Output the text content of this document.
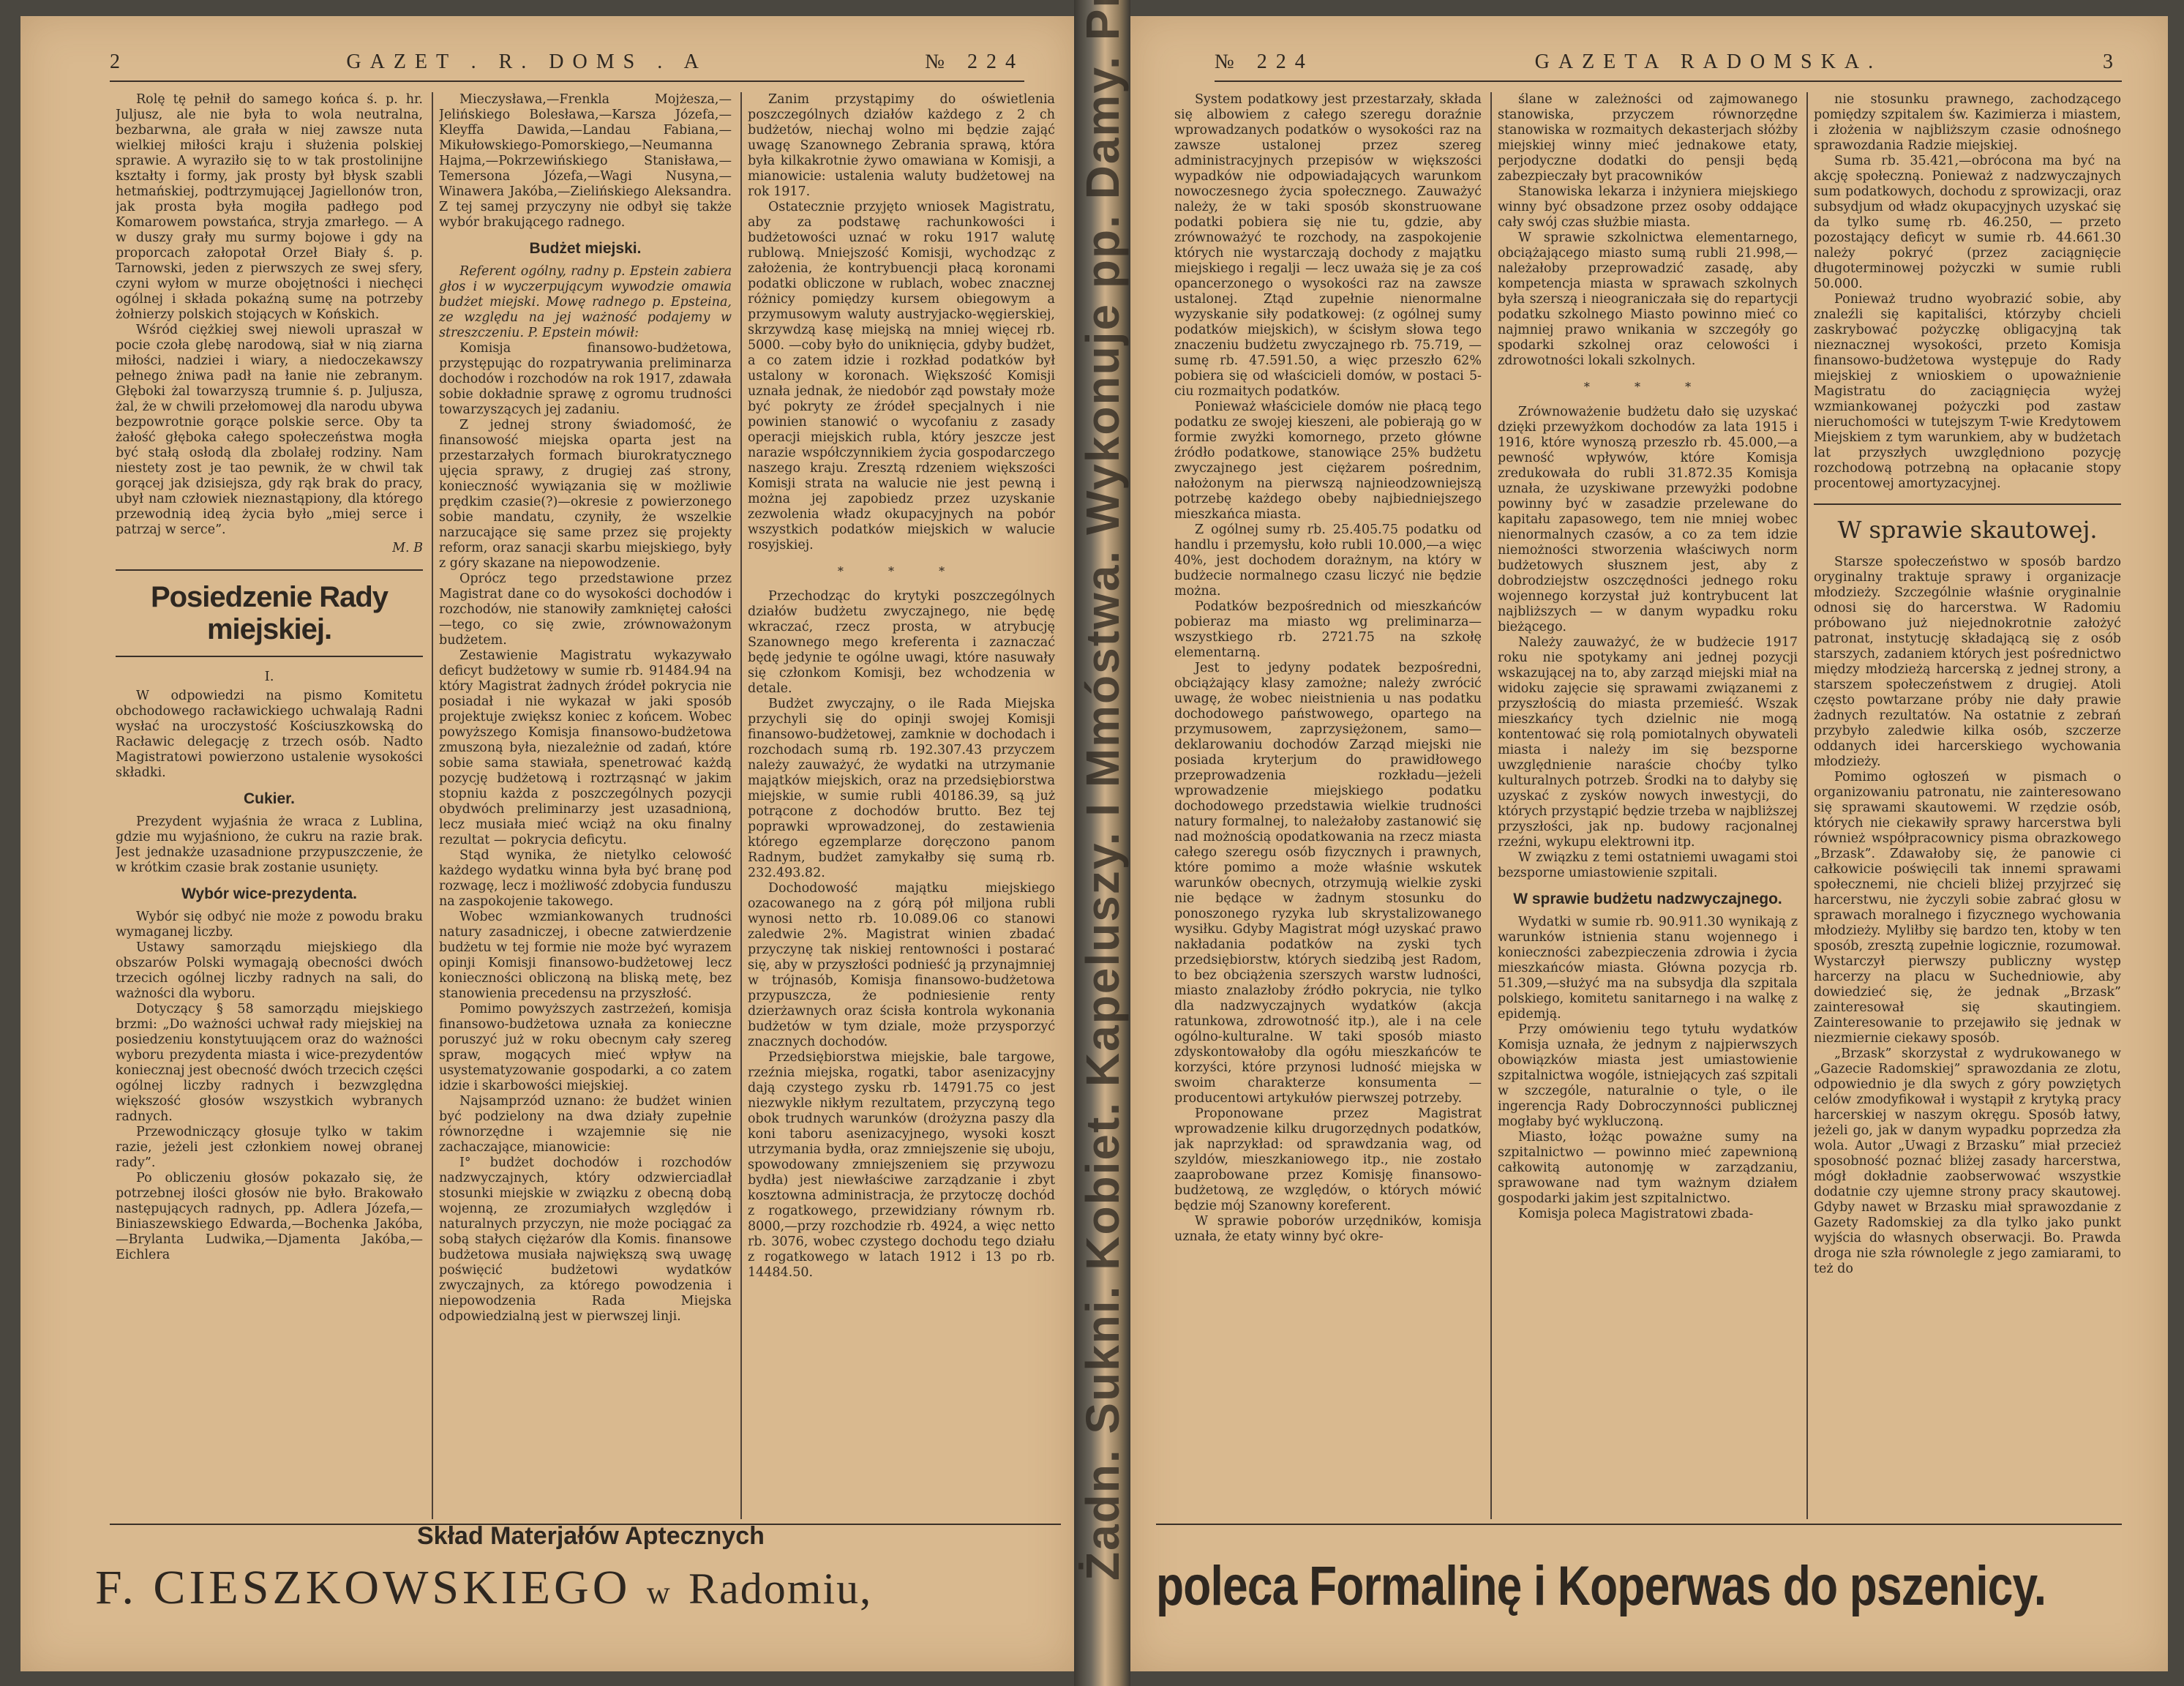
2	GAZET . R. DOMS . A	№ 224	№ 224	GAZETA RADOMSKA.	3

Rolę tę pełnił do samego końca ś. p. hr. Juljusz, ale nie była to wola neutralna, bezbarwna, ale grała w niej zawsze nuta wielkiej miłości kraju i służenia polskiej sprawie. A wyraziło się to w tak prostolinijne kształty i formy, jak prosty był błysk szabli hetmańskiej, podtrzymującej Jagiellonów tron, jak prosta była mogiła padłego pod Komarowem powstańca, stryja zmarłego. — A w duszy grały mu surmy bojowe i gdy na proporcach załopotał Orzeł Biały ś. p. Tarnowski, jeden z pierwszych ze swej sfery, czyni wyłom w murze obojętności i niechęci ogólnej i składa pokaźną sumę na potrzeby żołnierzy polskich stojących w Końskich.

Wśród ciężkiej swej niewoli upraszał w pocie czoła glebę narodową, siał w nią ziarna miłości, nadziei i wiary, a niedoczekawszy pełnego żniwa padł na łanie nie zebranym. Głęboki żal towarzyszą trumnie ś. p. Juljusza, żal, że w chwili przełomowej dla narodu ubywa bezpowrotnie gorące polskie serce. Oby ta żałość głęboka całego społeczeństwa mogła być stałą osłodą dla zbolałej rodziny. Nam niestety zost je tao pewnik, że w chwil tak gorącej jak dzisiejsza, gdy rąk brak do pracy, ubył nam człowiek nieznastąpiony, dla którego przewodnią ideą życia było „miej serce i patrzaj w serce”.

M. B
Posiedzenie Rady miejskiej.
I.

W odpowiedzi na pismo Komitetu obchodowego racławickiego uchwalają Radni wysłać na uroczystość Kościuszkowską do Racławic delegację z trzech osób. Nadto Magistratowi powierzono ustalenie wysokości składki.

Cukier.

Prezydent wyjaśnia że wraca z Lublina, gdzie mu wyjaśniono, że cukru na razie brak. Jest jednakże uzasadnione przypuszczenie, że w krótkim czasie brak zostanie usunięty.

Wybór wice-prezydenta.

Wybór się odbyć nie może z powodu braku wymaganej liczby.

Ustawy samorządu miejskiego dla obszarów Polski wymagają obecności dwóch trzecich ogólnej liczby radnych na sali, do ważności dla wyboru.

Dotyczący § 58 samorządu miejskiego brzmi: „Do ważności uchwał rady miejskiej na posiedzeniu konstytuującem oraz do ważności wyboru prezydenta miasta i wice-prezydentów koniecznaj jest obecność dwóch trzecich części ogólnej liczby radnych i bezwzględna większość głosów wszystkich wybranych radnych.

Przewodniczący głosuje tylko w takim razie, jeżeli jest członkiem nowej obranej rady”.

Po obliczeniu głosów pokazało się, że potrzebnej ilości głosów nie było. Brakowało następujących radnych, pp. Adlera Józefa,—Biniaszewskiego Edwarda,—Bochenka Jakóba,—Brylanta Ludwika,—Djamenta Jakóba,—Eichlera

Mieczysława,—Frenkla Mojżesza,—Jelińskiego Bolesława,—Karsza Józefa,—Kleyffa Dawida,—Landau Fabiana,—Mikułowskiego-Pomorskiego,—Neumanna Hajma,—Pokrzewińskiego Stanisława,—Temersona Józefa,—Wagi Nusyna,—Winawera Jakóba,—Zielińskiego Aleksandra. Z tej samej przyczyny nie odbył się także wybór brakującego radnego.

Budżet miejski.

Referent ogólny, radny p. Epstein zabiera głos i w wyczerpującym wywodzie omawia budżet miejski. Mowę radnego p. Epsteina, ze względu na jej ważność podajemy w streszczeniu. P. Epstein mówił:

Komisja finansowo-budżetowa, przystępując do rozpatrywania preliminarza dochodów i rozchodów na rok 1917, zdawała sobie dokładnie sprawę z ogromu trudności towarzyszących jej zadaniu.

Z jednej strony świadomość, że finansowość miejska oparta jest na przestarzałych formach biurokratycznego ujęcia sprawy, z drugiej zaś strony, konieczność wywiązania się w możliwie prędkim czasie(?)—okresie z powierzonego sobie mandatu, czyniły, że wszelkie narzucające się same przez się projekty reform, oraz sanacji skarbu miejskiego, były z góry skazane na niepowodzenie.

Oprócz tego przedstawione przez Magistrat dane co do wysokości dochodów i rozchodów, nie stanowiły zamkniętej całości—tego, co się zwie, zrównoważonym budżetem.

Zestawienie Magistratu wykazywało deficyt budżetowy w sumie rb. 91484.94 na który Magistrat żadnych źródeł pokrycia nie posiadał i nie wykazał w jaki sposób projektuje zwiększ koniec z końcem. Wobec powyższego Komisja finansowo-budżetowa zmuszoną była, niezależnie od zadań, które sobie sama stawiała, spenetrować każdą pozycję budżetową i roztrząsnąć w jakim stopniu każda z poszczególnych pozycji obydwóch preliminarzy jest uzasadnioną, lecz musiała mieć wciąż na oku finalny rezultat — pokrycia deficytu.

Stąd wynika, że nietylko celowość każdego wydatku winna była być branę pod rozwagę, lecz i możliwość zdobycia funduszu na zaspokojenie takowego.

Wobec wzmiankowanych trudności natury zasadniczej, i obecne zatwierdzenie budżetu w tej formie nie może być wyrazem opinji Komisji finansowo-budżetowej lecz konieczności obliczoną na bliską metę, bez stanowienia precedensu na przyszłość.

Pomimo powyższych zastrzeżeń, komisja finansowo-budżetowa uznała za konieczne poruszyć już w roku obecnym cały szereg spraw, mogących mieć wpływ na usystematyzowanie gospodarki, a co zatem idzie i skarbowości miejskiej.

Najsamprzód uznano: że budżet winien być podzielony na dwa działy zupełnie równorzędne i wzajemnie się nie zachaczające, mianowicie:

I° budżet dochodów i rozchodów nadzwyczajnych, który odzwierciadlał stosunki miejskie w związku z obecną dobą wojenną, ze zrozumiałych względów i naturalnych przyczyn, nie może pociągać za sobą stałych ciężarów dla Komis. finansowe budżetowa musiała największą swą uwagę poświęcić budżetowi wydatków zwyczajnych, za którego powodzenia i niepowodzenia Rada Miejska odpowiedzialną jest w pierwszej linji.

Zanim przystąpimy do oświetlenia poszczególnych działów każdego z 2 ch budżetów, niechaj wolno mi będzie zająć uwagę Szanownego Zebrania sprawą, która była kilkakrotnie żywo omawiana w Komisji, a mianowicie: ustalenia waluty budżetowej na rok 1917.

Ostatecznie przyjęto wniosek Magistratu, aby za podstawę rachunkowości i budżetowości uznać w roku 1917 walutę rublową. Mniejszość Komisji, wychodząc z założenia, że kontrybuencji płacą koronami podatki obliczone w rublach, wobec znacznej różnicy pomiędzy kursem obiegowym a przymusowym waluty austryjacko-węgierskiej, skrzywdzą kasę miejską na mniej więcej rb. 5000. —coby było do uniknięcia, gdyby budżet, a co zatem idzie i rozkład podatków był ustalony w koronach. Większość Komisji uznała jednak, że niedobór ząd powstały może być pokryty ze źródeł specjalnych i nie powinien stanowić o wycofaniu z zasady operacji miejskich rubla, który jeszcze jest narazie współczynnikiem życia gospodarczego naszego kraju. Zresztą rdzeniem większości Komisji strata na walucie nie jest pewną i można jej zapobiedz przez uzyskanie zezwolenia władz okupacyjnych na pobór wszystkich podatków miejskich w walucie rosyjskiej.

* * *

Przechodząc do krytyki poszczególnych działów budżetu zwyczajnego, nie będę wkraczać, rzecz prosta, w atrybucję Szanownego mego kreferenta i zaznaczać będę jedynie te ogólne uwagi, które nasuwały się członkom Komisji, bez wchodzenia w detale.

Budżet zwyczajny, o ile Rada Miejska przychyli się do opinji swojej Komisji finansowo-budżetowej, zamknie w dochodach i rozchodach sumą rb. 192.307.43 przyczem należy zauważyć, że wydatki na utrzymanie majątków miejskich, oraz na przedsiębiorstwa miejskie, w sumie rubli 40186.39, są już potrącone z dochodów brutto. Bez tej poprawki wprowadzonej, do zestawienia którego egzemplarze doręczono panom Radnym, budżet zamykałby się sumą rb. 232.493.82.

Dochodowość majątku miejskiego ozacowanego na z górą pół miljona rubli wynosi netto rb. 10.089.06 co stanowi zaledwie 2%. Magistrat winien zbadać przyczynę tak niskiej rentowności i postarać się, aby w przyszłości podnieść ją przynajmniej w trójnasób, Komisja finansowo-budżetowa przypuszcza, że podniesienie renty dzierżawnych oraz ścisła kontrola wykonania budżetów w tym dziale, może przysporzyć znacznych dochodów.

Przedsiębiorstwa miejskie, bale targowe, rzeźnia miejska, rogatki, tabor asenizacyjny dają czystego zysku rb. 14791.75 co jest niezwykle nikłym rezultatem, przyczyną tego obok trudnych warunków (drożyzna paszy dla koni taboru asenizacyjnego, wysoki koszt utrzymania bydła, oraz zmniejszenie się uboju, spowodowany zmniejszeniem się przywozu bydła) jest niewłaściwe zarządzanie i zbyt kosztowna administracja, że przytoczę dochód z rogatkowego, przewidziany równym rb. 8000,—przy rozchodzie rb. 4924, a więc netto rb. 3076, wobec czystego dochodu tego działu z rogatkowego w latach 1912 i 13 po rb. 14484.50.

System podatkowy jest przestarzały, składa się albowiem z całego szeregu doraźnie wprowadzanych podatków o wysokości raz na zawsze ustalonej przez szereg administracyjnych przepisów w większości wypadków nie odpowiadających warunkom nowoczesnego życia społecznego. Zauważyć należy, że w taki sposób skonstruowane podatki pobiera się nie tu, gdzie, aby zrównoważyć te rozchody, na zaspokojenie których nie wystarczają dochody z majątku miejskiego i regalji — lecz uważa się je za coś opancerzonego o wysokości raz na zawsze ustalonej. Ztąd zupełnie nienormalne wyzyskanie siły podatkowej: (z ogólnej sumy podatków miejskich), w ścisłym słowa tego znaczeniu budżetu zwyczajnego rb. 75.719, — sumę rb. 47.591.50, a więc przeszło 62% pobiera się od właścicieli domów, w postaci 5-ciu rozmaitych podatków.

Ponieważ właściciele domów nie płacą tego podatku ze swojej kieszeni, ale pobierają go w formie zwyżki komornego, przeto główne źródło podatkowe, stanowiące 25% budżetu zwyczajnego jest ciężarem pośrednim, nałożonym na pierwszą najnieodzowniejszą potrzebę każdego obeby najbiedniejszego mieszkańca miasta.

Z ogólnej sumy rb. 25.405.75 podatku od handlu i przemysłu, koło rubli 10.000,—a więc 40%, jest dochodem dorażnym, na który w budżecie normalnego czasu liczyć nie będzie można.

Podatków bezpośrednich od mieszkańców pobieraz ma miasto wg preliminarza—wszystkiego rb. 2721.75 na szkołę elementarną.

Jest to jedyny podatek bezpośredni, obciążający klasy zamożne; należy zwrócić uwagę, że wobec nieistnienia u nas podatku dochodowego państwowego, opartego na przymusowem, zaprzysiężonem, samo—deklarowaniu dochodów Zarząd miejski nie posiada kryterjum do prawidłowego przeprowadzenia rozkładu—jeżeli wprowadzenie miejskiego podatku dochodowego przedstawia wielkie trudności natury formalnej, to należałoby zastanowić się nad możnością opodatkowania na rzecz miasta całego szeregu osób fizycznych i prawnych, które pomimo a może właśnie wskutek warunków obecnych, otrzymują wielkie zyski nie będące w żadnym stosunku do ponoszonego ryzyka lub skrystalizowanego wysiłku. Gdyby Magistrat mógł uzyskać prawo nakładania podatków na zyski tych przedsiębiorstw, których siedzibą jest Radom, to bez obciążenia szerszych warstw ludności, miasto znalazłoby źródło pokrycia, nie tylko dla nadzwyczajnych wydatków (akcja ratunkowa, zdrowotność itp.), ale i na cele ogólno-kulturalne. W taki sposób miasto zdyskontowałoby dla ogółu mieszkańców te korzyści, które przynosi ludność miejska w swoim charakterze konsumenta — producentowi artykułów pierwszej potrzeby.

Proponowane przez Magistrat wprowadzenie kilku drugorzędnych podatków, jak naprzykład: od sprawdzania wag, od szyldów, mieszkaniowego itp., nie zostało zaaprobowane przez Komisję finansowo-budżetową, ze względów, o których mówić będzie mój Szanowny koreferent.

W sprawie poborów urzędników, komisja uznała, że etaty winny być okre-

ślane w zależności od zajmowanego stanowiska, przyczem równorzędne stanowiska w rozmaitych dekasterjach słóżby miejskiej winny mieć jednakowe etaty, perjodyczne dodatki do pensji będą zabezpieczały byt pracowników

Stanowiska lekarza i inżyniera miejskiego winny być obsadzone przez osoby oddające cały swój czas służbie miasta.

W sprawie szkolnictwa elementarnego, obciążającego miasto sumą rubli 21.998,—należałoby przeprowadzić zasadę, aby kompetencja miasta w sprawach szkolnych była szerszą i nieograniczała się do repartycji podatku szkolnego Miasto powinno mieć co najmniej prawo wnikania w szczegóły go spodarki szkolnej oraz celowości i zdrowotności lokali szkolnych.

* * *

Zrównoważenie budżetu dało się uzyskać dzięki przewyżkom dochodów za lata 1915 i 1916, które wynoszą przeszło rb. 45.000,—a pewność wpływów, które Komisja zredukowała do rubli 31.872.35 Komisja uznała, że uzyskiwane przewyżki podobne powinny być w zasadzie przelewane do kapitału zapasowego, tem nie mniej wobec nienormalnych czasów, a co za tem idzie niemożności stworzenia właściwych norm budżetowych słusznem jest, aby z dobrodziejstw oszczędności jednego roku wojennego korzystał już kontrybucent lat najbliższych — w danym wypadku roku bieżącego.

Należy zauważyć, że w budżecie 1917 roku nie spotykamy ani jednej pozycji wskazującej na to, aby zarząd miejski miał na widoku zajęcie się sprawami związanemi z przyszłością do miasta przemieść. Wszak mieszkańcy tych dzielnic nie mogą kontentować się rolą pomiotalnych obywateli miasta i należy im się bezsporne uwzględnienie naraście choćby tylko kulturalnych potrzeb. Środki na to dałyby się uzyskać z zysków nowych inwestycji, do których przystąpić będzie trzeba w najbliższej przyszłości, jak np. budowy racjonalnej rzeźni, wykupu elektrowni itp.

W związku z temi ostatniemi uwagami stoi bezsporne umiastowienie szpitali.

W sprawie budżetu nadzwyczajnego.

Wydatki w sumie rb. 90.911.30 wynikają z warunków istnienia stanu wojennego i konieczności zabezpieczenia zdrowia i życia mieszkańców miasta. Główna pozycja rb. 51.309,—służyć ma na subsydja dla szpitala polskiego, komitetu sanitarnego i na walkę z epidemją.

Przy omówieniu tego tytułu wydatków Komisja uznała, że jednym z najpierwszych obowiązków miasta jest umiastowienie szpitalnictwa wogóle, istniejących zaś szpitali w szczególe, naturalnie o tyle, o ile ingerencja Rady Dobroczynności publicznej mogłaby być wykluczoną.

Miasto, łożąc poważne sumy na szpitalnictwo — powinno mieć zapewnioną całkowitą autonomję w zarządzaniu, sprawowane nad tym ważnym działem gospodarki jakim jest szpitalnictwo.

Komisja poleca Magistratowi zbada-

nie stosunku prawnego, zachodzącego pomiędzy szpitalem św. Kazimierza i miastem, i złożenia w najbliższym czasie odnośnego sprawozdania Radzie miejskiej.

Suma rb. 35.421,—obrócona ma być na akcję społeczną. Ponieważ z nadzwyczajnych sum podatkowych, dochodu z sprowizacji, oraz subsydjum od władz okupacyjnych uzyskać się da tylko sumę rb. 46.250, — przeto pozostający deficyt w sumie rb. 44.661.30 należy pokryć (przez zaciągnięcie długoterminowej pożyczki w sumie rubli 50.000.

Ponieważ trudno wyobrazić sobie, aby znaleźli się kapitaliści, którzyby chcieli zaskrybować pożyczkę obligacyjną tak nieznacznej wysokości, przeto Komisja finansowo-budżetowa występuje do Rady miejskiej z wnioskiem o upoważnienie Magistratu do zaciągnięcia wyżej wzmiankowanej pożyczki pod zastaw nieruchomości w tutejszym T-wie Kredytowem Miejskiem z tym warunkiem, aby w budżetach lat przyszłych uwzględniono pozycję rozchodową potrzebną na opłacanie stopy procentowej amortyzacyjnej.

W sprawie skautowej.

Starsze społeczeństwo w sposób bardzo oryginalny traktuje sprawy i organizacje młodzieży. Szczególnie właśnie oryginalnie odnosi się do harcerstwa. W Radomiu próbowano już niejednokrotnie założyć patronat, instytucję składającą się z osób starszych, zadaniem których jest pośrednictwo między młodzieżą harcerską z jednej strony, a starszem społeczeństwem z drugiej. Atoli często powtarzane próby nie dały prawie żadnych rezultatów. Na ostatnie z zebrań przybyło zaledwie kilka osób, szczerze oddanych idei harcerskiego wychowania młodzieży.

Pomimo ogłoszeń w pismach o organizowaniu patronatu, nie zainteresowano się sprawami skautowemi. W rzędzie osób, których nie ciekawiły sprawy harcerstwa byli również współpracownicy pisma obrazkowego „Brzask”. Zdawałoby się, że panowie ci całkowicie poświęcili tak innemi sprawami społecznemi, nie chcieli bliżej przyjrzeć się harcerstwu, nie życzyli sobie zabrać głosu w sprawach moralnego i fizycznego wychowania młodzieży. Myliłby się bardzo ten, ktoby w ten sposób, zresztą zupełnie logicznie, rozumował. Wystarczył pierwszy publiczny występ harcerzy na placu w Suchedniowie, aby dowiedzieć się, że jednak „Brzask” zainteresował się skautingiem. Zainteresowanie to przejawiło się jednak w niezmiernie ciekawy sposób.

„Brzask” skorzystał z wydrukowanego w „Gazecie Radomskiej” sprawozdania ze zlotu, odpowiednio je dla swych z góry powziętych celów zmodyfikował i wystąpił z krytyką pracy harcerskiej w naszym okręgu. Sposób łatwy, jeżeli go, jak w danym wypadku poprzedza zła wola. Autor „Uwagi z Brzasku” miał przecież sposobność poznać bliżej zasady harcerstwa, mógł dokładnie zaobserwować wszystkie dodatnie czy ujemne strony pracy skautowej. Gdyby nawet w Brzasku miał sprawozdanie z Gazety Radomskiej za dla tylko jako punkt wyjścia do własnych obserwacji. Bo. Prawda droga nie szła równolegle z jego zamiarami, to też do

Skład Materjałów Aptecznych
F. CIESZKOWSKIEGO w Radomiu,	poleca Formalinę i Koperwas do pszenicy.
